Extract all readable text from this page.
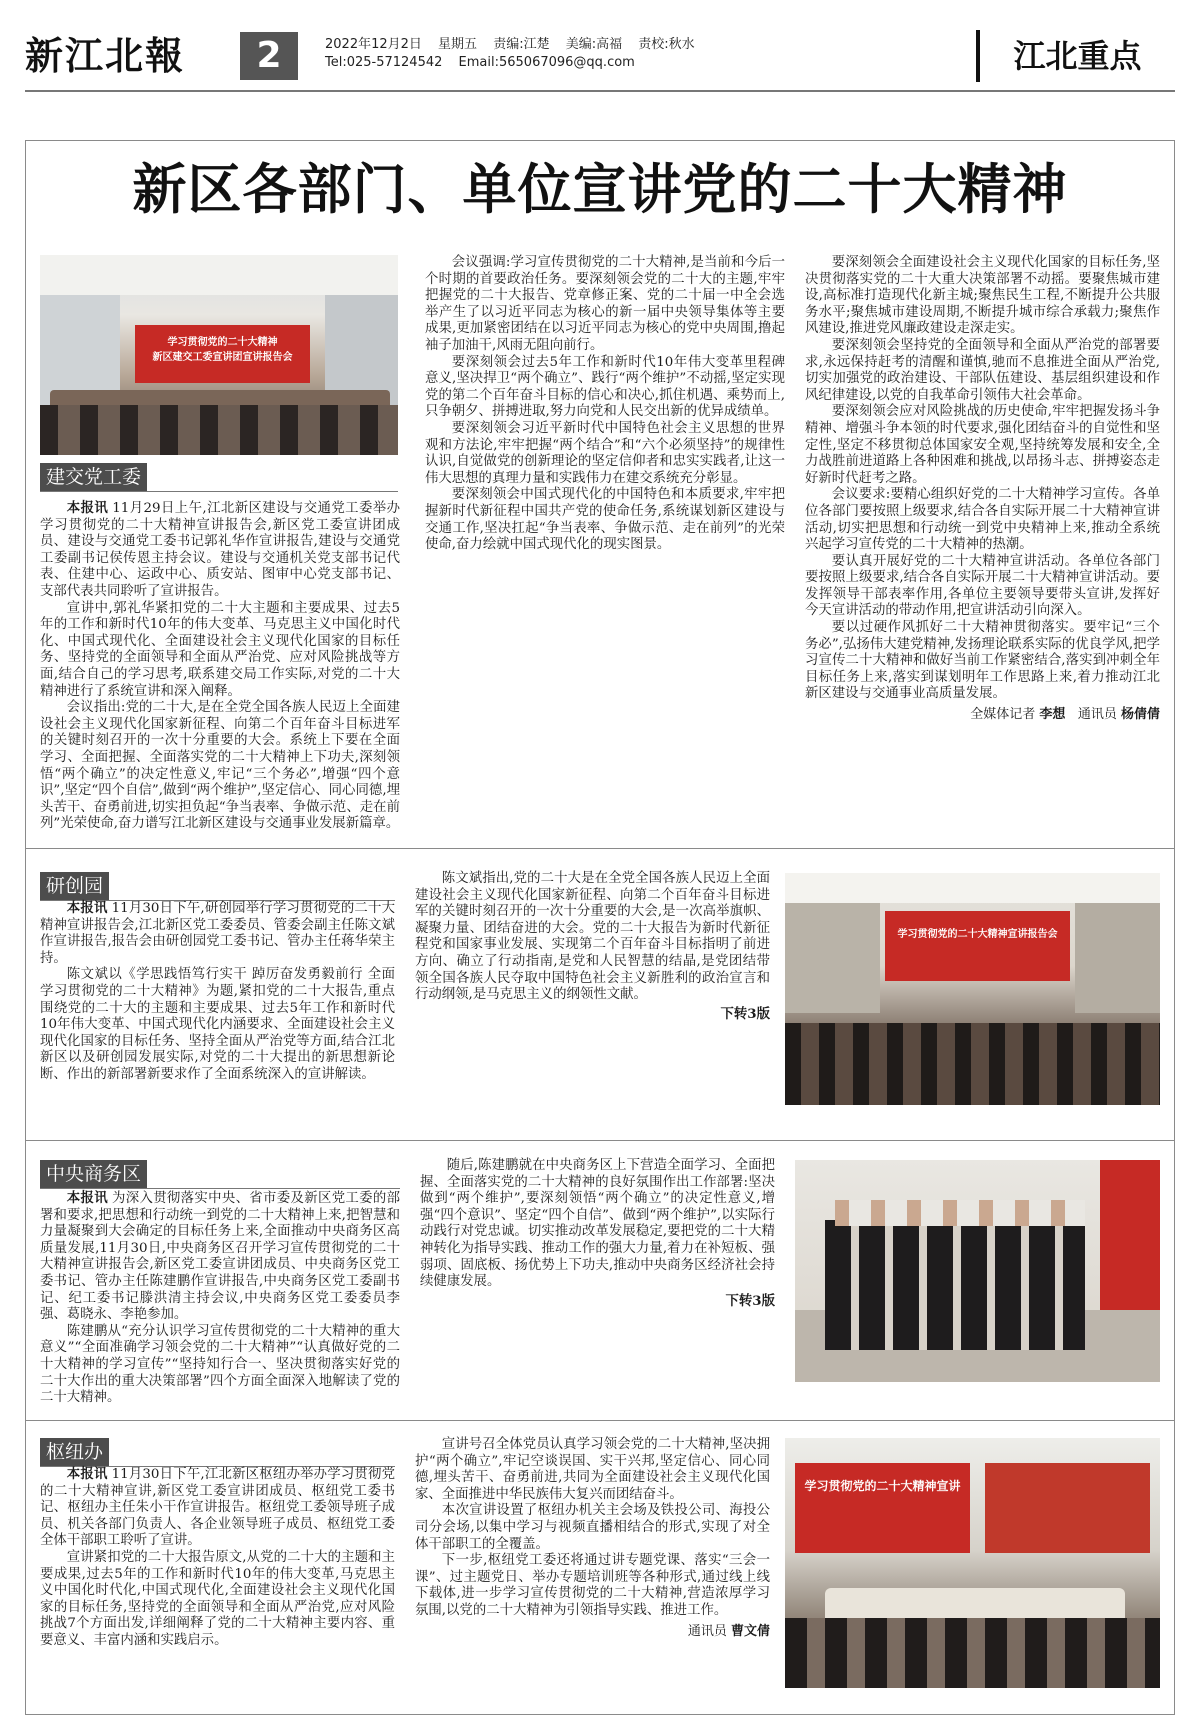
新江北報	2	2022年12月2日 星期五 责编:江楚 美编:高福 责校:秋水
Tel:025-57124542 Email:565067096@qq.com	江北重点
新区各部门、单位宣讲党的二十大精神
学习贯彻党的二十大精神
新区建交工委宣讲团宣讲报告会
建交党工委

本报讯 11月29日上午,江北新区建设与交通党工委举办学习贯彻党的二十大精神宣讲报告会,新区党工委宣讲团成员、建设与交通党工委书记郭礼华作宣讲报告,建设与交通党工委副书记侯传恩主持会议。建设与交通机关党支部书记代表、住建中心、运政中心、质安站、图审中心党支部书记、支部代表共同聆听了宣讲报告。

宣讲中,郭礼华紧扣党的二十大主题和主要成果、过去5年的工作和新时代10年的伟大变革、马克思主义中国化时代化、中国式现代化、全面建设社会主义现代化国家的目标任务、坚持党的全面领导和全面从严治党、应对风险挑战等方面,结合自己的学习思考,联系建交局工作实际,对党的二十大精神进行了系统宣讲和深入阐释。

会议指出:党的二十大,是在全党全国各族人民迈上全面建设社会主义现代化国家新征程、向第二个百年奋斗目标进军的关键时刻召开的一次十分重要的大会。系统上下要在全面学习、全面把握、全面落实党的二十大精神上下功夫,深刻领悟“两个确立”的决定性意义,牢记“三个务必”,增强“四个意识”,坚定“四个自信”,做到“两个维护”,坚定信心、同心同德,埋头苦干、奋勇前进,切实担负起“争当表率、争做示范、走在前列”光荣使命,奋力谱写江北新区建设与交通事业发展新篇章。

会议强调:学习宣传贯彻党的二十大精神,是当前和今后一个时期的首要政治任务。要深刻领会党的二十大的主题,牢牢把握党的二十大报告、党章修正案、党的二十届一中全会选举产生了以习近平同志为核心的新一届中央领导集体等主要成果,更加紧密团结在以习近平同志为核心的党中央周围,撸起袖子加油干,风雨无阻向前行。

要深刻领会过去5年工作和新时代10年伟大变革里程碑意义,坚决捍卫“两个确立”、践行“两个维护”不动摇,坚定实现党的第二个百年奋斗目标的信心和决心,抓住机遇、乘势而上,只争朝夕、拼搏进取,努力向党和人民交出新的优异成绩单。

要深刻领会习近平新时代中国特色社会主义思想的世界观和方法论,牢牢把握“两个结合”和“六个必须坚持”的规律性认识,自觉做党的创新理论的坚定信仰者和忠实实践者,让这一伟大思想的真理力量和实践伟力在建交系统充分彰显。

要深刻领会中国式现代化的中国特色和本质要求,牢牢把握新时代新征程中国共产党的使命任务,系统谋划新区建设与交通工作,坚决扛起“争当表率、争做示范、走在前列”的光荣使命,奋力绘就中国式现代化的现实图景。

要深刻领会全面建设社会主义现代化国家的目标任务,坚决贯彻落实党的二十大重大决策部署不动摇。要聚焦城市建设,高标准打造现代化新主城;聚焦民生工程,不断提升公共服务水平;聚焦城市建设周期,不断提升城市综合承载力;聚焦作风建设,推进党风廉政建设走深走实。

要深刻领会坚持党的全面领导和全面从严治党的部署要求,永远保持赶考的清醒和谨慎,驰而不息推进全面从严治党,切实加强党的政治建设、干部队伍建设、基层组织建设和作风纪律建设,以党的自我革命引领伟大社会革命。

要深刻领会应对风险挑战的历史使命,牢牢把握发扬斗争精神、增强斗争本领的时代要求,强化团结奋斗的自觉性和坚定性,坚定不移贯彻总体国家安全观,坚持统筹发展和安全,全力战胜前进道路上各种困难和挑战,以昂扬斗志、拼搏姿态走好新时代赶考之路。

会议要求:要精心组织好党的二十大精神学习宣传。各单位各部门要按照上级要求,结合各自实际开展二十大精神宣讲活动,切实把思想和行动统一到党中央精神上来,推动全系统兴起学习宣传党的二十大精神的热潮。

要认真开展好党的二十大精神宣讲活动。各单位各部门要按照上级要求,结合各自实际开展二十大精神宣讲活动。要发挥领导干部表率作用,各单位主要领导要带头宣讲,发挥好今天宣讲活动的带动作用,把宣讲活动引向深入。

要以过硬作风抓好二十大精神贯彻落实。要牢记“三个务必”,弘扬伟大建党精神,发扬理论联系实际的优良学风,把学习宣传二十大精神和做好当前工作紧密结合,落实到冲刺全年目标任务上来,落实到谋划明年工作思路上来,着力推动江北新区建设与交通事业高质量发展。

全媒体记者 李想 通讯员 杨倩倩
研创园

本报讯 11月30日下午,研创园举行学习贯彻党的二十大精神宣讲报告会,江北新区党工委委员、管委会副主任陈文斌作宣讲报告,报告会由研创园党工委书记、管办主任蒋华荣主持。

陈文斌以《学思践悟笃行实干 踔厉奋发勇毅前行 全面学习贯彻党的二十大精神》为题,紧扣党的二十大报告,重点围绕党的二十大的主题和主要成果、过去5年工作和新时代10年伟大变革、中国式现代化内涵要求、全面建设社会主义现代化国家的目标任务、坚持全面从严治党等方面,结合江北新区以及研创园发展实际,对党的二十大提出的新思想新论断、作出的新部署新要求作了全面系统深入的宣讲解读。

陈文斌指出,党的二十大是在全党全国各族人民迈上全面建设社会主义现代化国家新征程、向第二个百年奋斗目标进军的关键时刻召开的一次十分重要的大会,是一次高举旗帜、凝聚力量、团结奋进的大会。党的二十大报告为新时代新征程党和国家事业发展、实现第二个百年奋斗目标指明了前进方向、确立了行动指南,是党和人民智慧的结晶,是党团结带领全国各族人民夺取中国特色社会主义新胜利的政治宣言和行动纲领,是马克思主义的纲领性文献。

下转3版
学习贯彻党的二十大精神宣讲报告会
中央商务区

本报讯 为深入贯彻落实中央、省市委及新区党工委的部署和要求,把思想和行动统一到党的二十大精神上来,把智慧和力量凝聚到大会确定的目标任务上来,全面推动中央商务区高质量发展,11月30日,中央商务区召开学习宣传贯彻党的二十大精神宣讲报告会,新区党工委宣讲团成员、中央商务区党工委书记、管办主任陈建鹏作宣讲报告,中央商务区党工委副书记、纪工委书记滕洪清主持会议,中央商务区党工委委员李强、葛晓永、李艳参加。

陈建鹏从“充分认识学习宣传贯彻党的二十大精神的重大意义”“全面准确学习领会党的二十大精神”“认真做好党的二十大精神的学习宣传”“坚持知行合一、坚决贯彻落实好党的二十大作出的重大决策部署”四个方面全面深入地解读了党的二十大精神。

随后,陈建鹏就在中央商务区上下营造全面学习、全面把握、全面落实党的二十大精神的良好氛围作出工作部署:坚决做到“两个维护”,要深刻领悟“两个确立”的决定性意义,增强“四个意识”、坚定“四个自信”、做到“两个维护”,以实际行动践行对党忠诚。切实推动改革发展稳定,要把党的二十大精神转化为指导实践、推动工作的强大力量,着力在补短板、强弱项、固底板、扬优势上下功夫,推动中央商务区经济社会持续健康发展。

下转3版
枢纽办

本报讯 11月30日下午,江北新区枢纽办举办学习贯彻党的二十大精神宣讲,新区党工委宣讲团成员、枢纽党工委书记、枢纽办主任朱小干作宣讲报告。枢纽党工委领导班子成员、机关各部门负责人、各企业领导班子成员、枢纽党工委全体干部职工聆听了宣讲。

宣讲紧扣党的二十大报告原文,从党的二十大的主题和主要成果,过去5年的工作和新时代10年的伟大变革,马克思主义中国化时代化,中国式现代化,全面建设社会主义现代化国家的目标任务,坚持党的全面领导和全面从严治党,应对风险挑战7个方面出发,详细阐释了党的二十大精神主要内容、重要意义、丰富内涵和实践启示。

宣讲号召全体党员认真学习领会党的二十大精神,坚决拥护“两个确立”,牢记空谈误国、实干兴邦,坚定信心、同心同德,埋头苦干、奋勇前进,共同为全面建设社会主义现代化国家、全面推进中华民族伟大复兴而团结奋斗。

本次宣讲设置了枢纽办机关主会场及铁投公司、海投公司分会场,以集中学习与视频直播相结合的形式,实现了对全体干部职工的全覆盖。

下一步,枢纽党工委还将通过讲专题党课、落实“三会一课”、过主题党日、举办专题培训班等各种形式,通过线上线下载体,进一步学习宣传贯彻党的二十大精神,营造浓厚学习氛围,以党的二十大精神为引领指导实践、推进工作。

通讯员 曹文倩
学习贯彻党的二十大精神宣讲
